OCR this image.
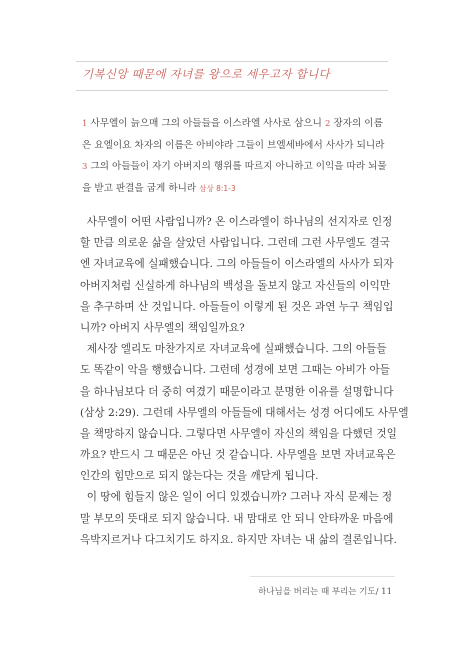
기복신앙 때문에 자녀를 왕으로 세우고자 합니다
1 사무엘이 늙으매 그의 아들들을 이스라엘 사사로 삼으니 2 장자의 이름
은 요엘이요 차자의 이름은 아비야라 그들이 브엘세바에서 사사가 되니라
3 그의 아들들이 자기 아버지의 행위를 따르지 아니하고 이익을 따라 뇌물
을 받고 판결을 굽게 하니라 삼상 8:1-3
사무엘이 어떤 사람입니까? 온 이스라엘이 하나님의 선지자로 인정
할 만큼 의로운 삶을 살았던 사람입니다. 그런데 그런 사무엘도 결국
엔 자녀교육에 실패했습니다. 그의 아들들이 이스라엘의 사사가 되자
아버지처럼 신실하게 하나님의 백성을 돌보지 않고 자신들의 이익만
을 추구하며 산 것입니다. 아들들이 이렇게 된 것은 과연 누구 책임입
니까? 아버지 사무엘의 책임일까요?
제사장 엘리도 마찬가지로 자녀교육에 실패했습니다. 그의 아들들
도 똑같이 악을 행했습니다. 그런데 성경에 보면 그때는 아비가 아들
을 하나님보다 더 중히 여겼기 때문이라고 분명한 이유를 설명합니다
(삼상 2:29). 그런데 사무엘의 아들들에 대해서는 성경 어디에도 사무엘
을 책망하지 않습니다. 그렇다면 사무엘이 자신의 책임을 다했던 것일
까요? 반드시 그 때문은 아닌 것 같습니다. 사무엘을 보면 자녀교육은
인간의 힘만으로 되지 않는다는 것을 깨닫게 됩니다.
이 땅에 힘들지 않은 일이 어디 있겠습니까? 그러나 자식 문제는 정
말 부모의 뜻대로 되지 않습니다. 내 맘대로 안 되니 안타까운 마음에
윽박지르거나 다그치기도 하지요. 하지만 자녀는 내 삶의 결론입니다.
하나님을 버리는 때 부리는 기도/ 11
